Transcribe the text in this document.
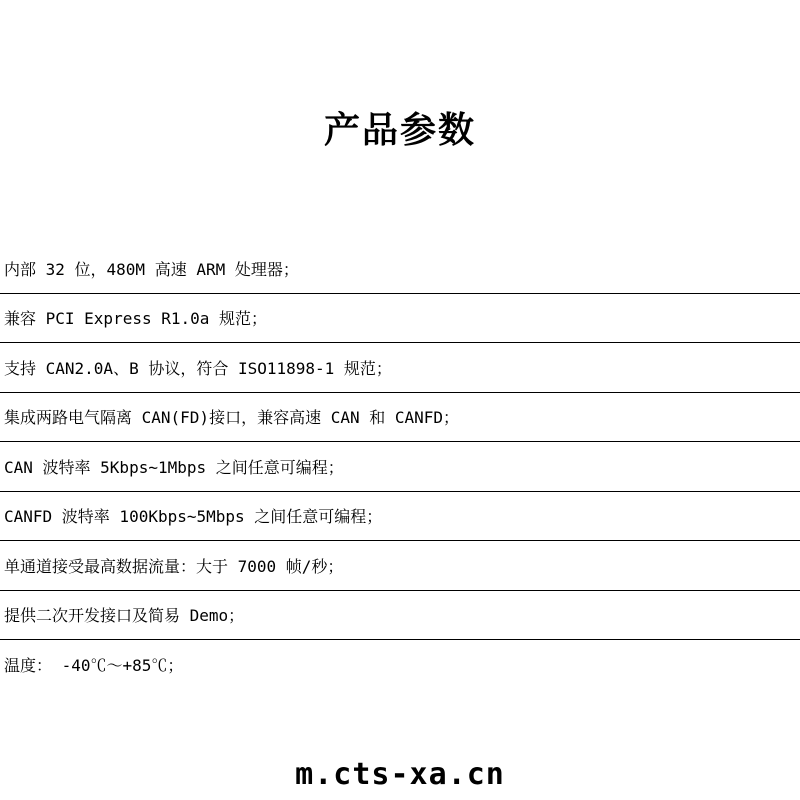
产品参数
内部 32 位，480M 高速 ARM 处理器；
兼容 PCI Express R1.0a 规范；
支持 CAN2.0A、B 协议，符合 ISO11898-1 规范；
集成两路电气隔离 CAN(FD)接口，兼容高速 CAN 和 CANFD；
CAN 波特率 5Kbps~1Mbps 之间任意可编程；
CANFD 波特率 100Kbps~5Mbps 之间任意可编程；
单通道接受最高数据流量：大于 7000 帧/秒；
提供二次开发接口及简易 Demo；
温度： -40℃～+85℃；
m.cts-xa.cn
